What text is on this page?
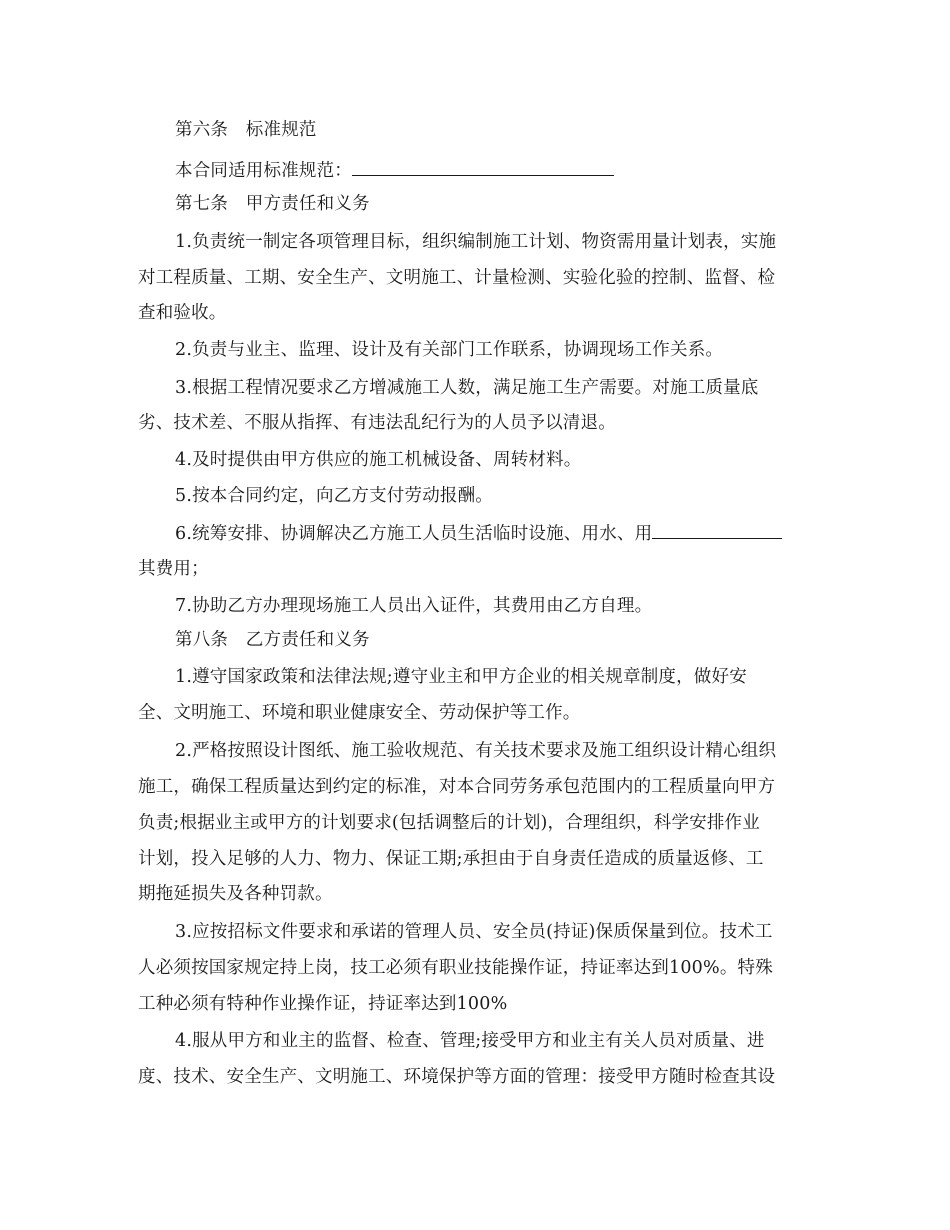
第六条　标准规范
本合同适用标准规范：
第七条　甲方责任和义务
1.负责统一制定各项管理目标，组织编制施工计划、物资需用量计划表，实施
对工程质量、工期、安全生产、文明施工、计量检测、实验化验的控制、监督、检
查和验收。
2.负责与业主、监理、设计及有关部门工作联系，协调现场工作关系。
3.根据工程情况要求乙方增减施工人数，满足施工生产需要。对施工质量底
劣、技术差、不服从指挥、有违法乱纪行为的人员予以清退。
4.及时提供由甲方供应的施工机械设备、周转材料。
5.按本合同约定，向乙方支付劳动报酬。
6.统筹安排、协调解决乙方施工人员生活临时设施、用水、用
其费用；
7.协助乙方办理现场施工人员出入证件，其费用由乙方自理。
第八条　乙方责任和义务
1.遵守国家政策和法律法规;遵守业主和甲方企业的相关规章制度，做好安
全、文明施工、环境和职业健康安全、劳动保护等工作。
2.严格按照设计图纸、施工验收规范、有关技术要求及施工组织设计精心组织
施工，确保工程质量达到约定的标准，对本合同劳务承包范围内的工程质量向甲方
负责;根据业主或甲方的计划要求(包括调整后的计划)，合理组织，科学安排作业
计划，投入足够的人力、物力、保证工期;承担由于自身责任造成的质量返修、工
期拖延损失及各种罚款。
3.应按招标文件要求和承诺的管理人员、安全员(持证)保质保量到位。技术工
人必须按国家规定持上岗，技工必须有职业技能操作证，持证率达到100%。特殊
工种必须有特种作业操作证，持证率达到100%
4.服从甲方和业主的监督、检查、管理;接受甲方和业主有关人员对质量、进
度、技术、安全生产、文明施工、环境保护等方面的管理：接受甲方随时检查其设
